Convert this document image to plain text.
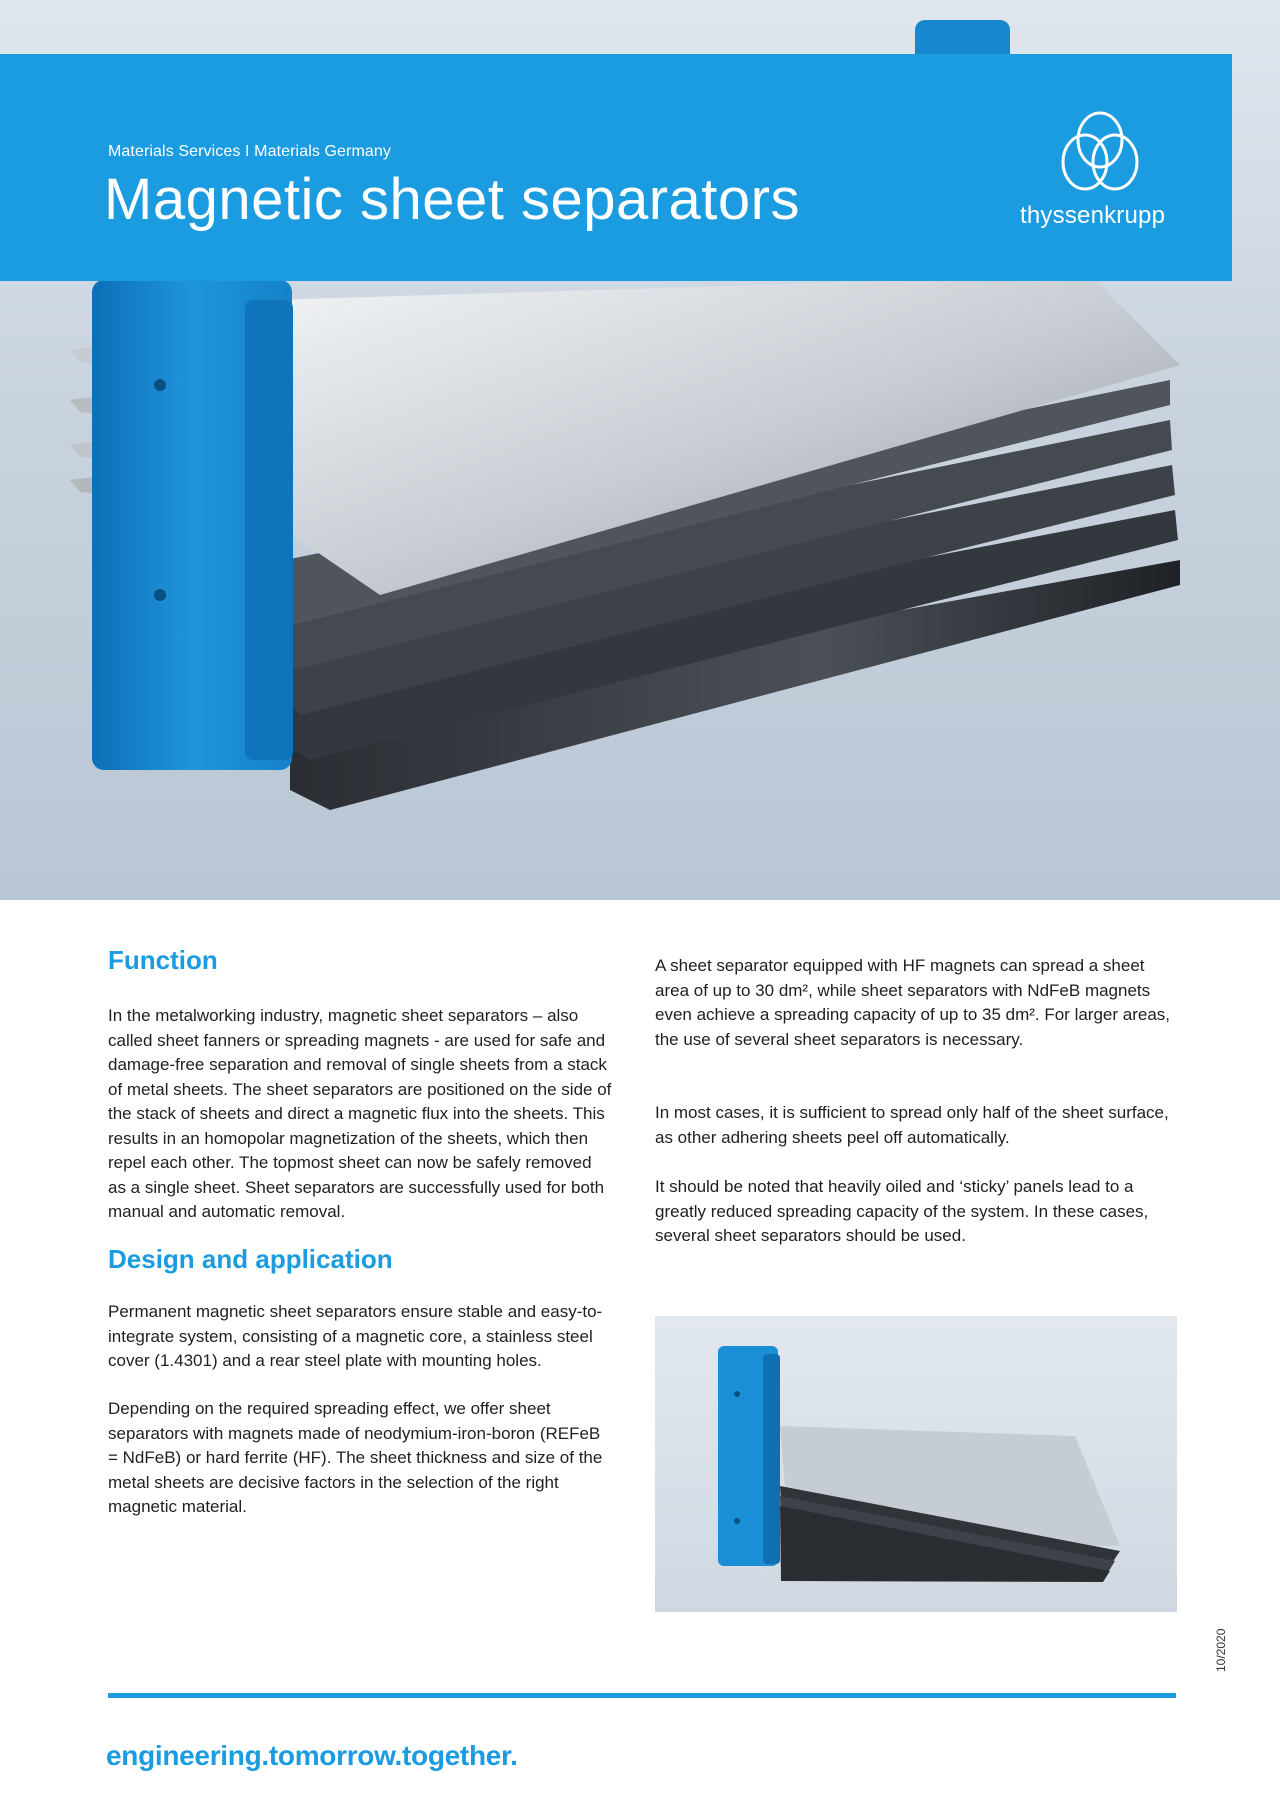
Materials Services I Materials Germany
Magnetic sheet separators	thyssenkrupp
Function

In the metalworking industry, magnetic sheet separators – also called sheet fanners or spreading magnets - are used for safe and damage-free separation and removal of single sheets from a stack of metal sheets. The sheet separators are positioned on the side of the stack of sheets and direct a magnetic flux into the sheets. This results in an homopolar magnetization of the sheets, which then repel each other. The topmost sheet can now be safely removed as a single sheet. Sheet separators are successfully used for both manual and automatic removal.

Design and application

Permanent magnetic sheet separators ensure stable and easy-to-integrate system, consisting of a magnetic core, a stainless steel cover (1.4301) and a rear steel plate with mounting holes.

Depending on the required spreading effect, we offer sheet separators with magnets made of neodymium-iron-boron (REFeB = NdFeB) or hard ferrite (HF). The sheet thickness and size of the metal sheets are decisive factors in the selection of the right magnetic material.

A sheet separator equipped with HF magnets can spread a sheet area of up to 30 dm², while sheet separators with NdFeB magnets even achieve a spreading capacity of up to 35 dm². For larger areas, the use of several sheet separators is necessary.

In most cases, it is sufficient to spread only half of the sheet surface, as other adhering sheets peel off automatically.

It should be noted that heavily oiled and ‘sticky’ panels lead to a greatly reduced spreading capacity of the system. In these cases, several sheet separators should be used.

10/2020
engineering.tomorrow.together.
